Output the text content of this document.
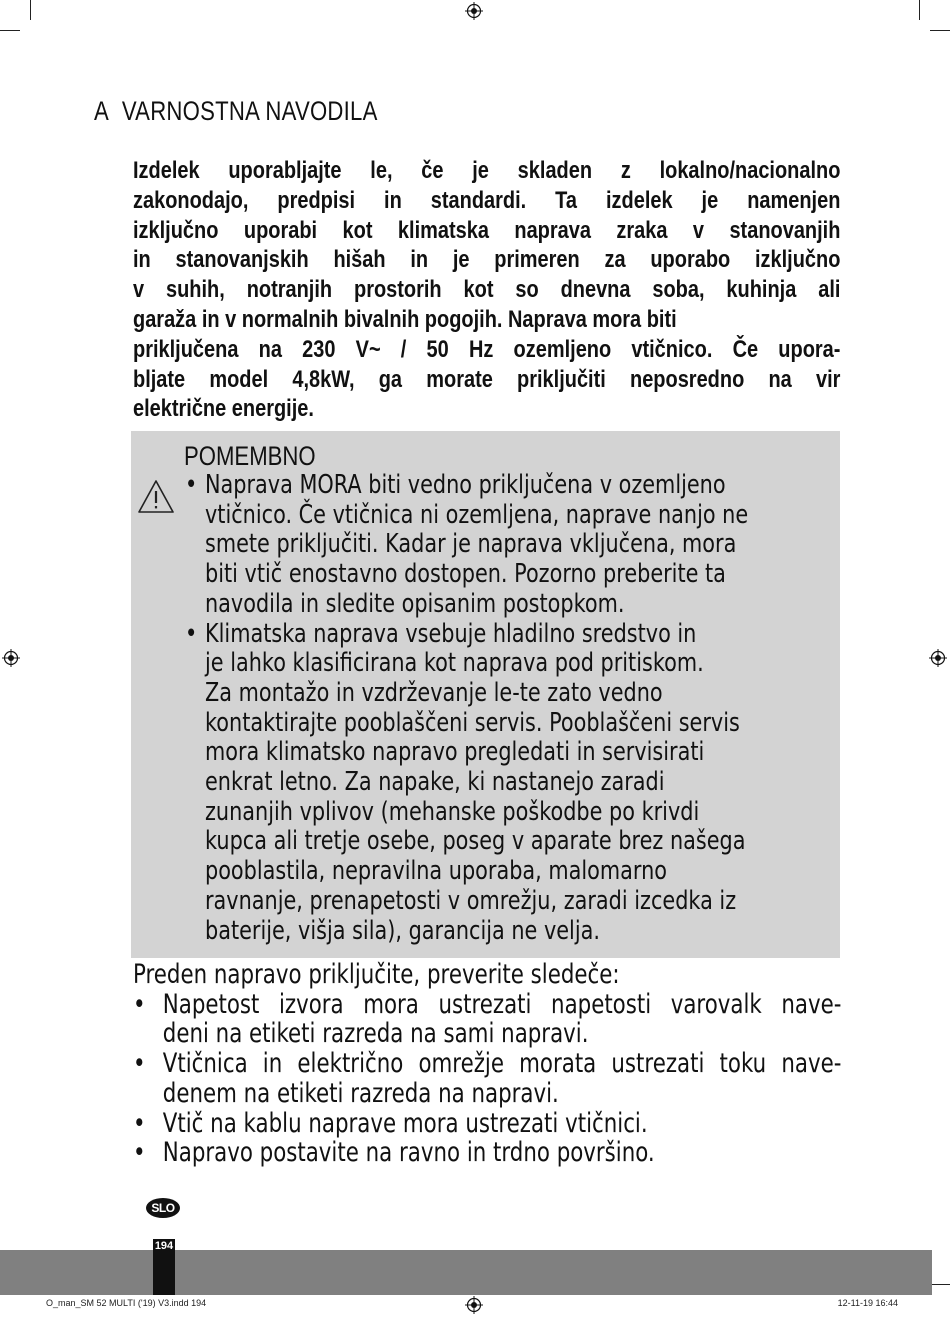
A VARNOSTNA NAVODILA
Izdelek uporabljajte le, če je skladen z lokalno/nacionalno
zakonodajo, predpisi in standardi. Ta izdelek je namenjen
izključno uporabi kot klimatska naprava zraka v stanovanjih
in stanovanjskih hišah in je primeren za uporabo izključno
v suhih, notranjih prostorih kot so dnevna soba, kuhinja ali
garaža in v normalnih bivalnih pogojih. Naprava mora biti
priključena na 230 V~ / 50 Hz ozemljeno vtičnico. Če upora-
bljate model 4,8kW, ga morate priključiti neposredno na vir
električne energije.
POMEMBNO
• Naprava MORA biti vedno priključena v ozemljeno
vtičnico. Če vtičnica ni ozemljena, naprave nanjo ne
smete priključiti. Kadar je naprava vključena, mora
biti vtič enostavno dostopen. Pozorno preberite ta
navodila in sledite opisanim postopkom.
• Klimatska naprava vsebuje hladilno sredstvo in
je lahko klasificirana kot naprava pod pritiskom.
Za montažo in vzdrževanje le-te zato vedno
kontaktirajte pooblaščeni servis. Pooblaščeni servis
mora klimatsko napravo pregledati in servisirati
enkrat letno. Za napake, ki nastanejo zaradi
zunanjih vplivov (mehanske poškodbe po krivdi
kupca ali tretje osebe, poseg v aparate brez našega
pooblastila, nepravilna uporaba, malomarno
ravnanje, prenapetosti v omrežju, zaradi izcedka iz
baterije, višja sila), garancija ne velja.
Preden napravo priključite, preverite sledeče:
• Napetost izvora mora ustrezati napetosti varovalk nave-
deni na etiketi razreda na sami napravi.
• Vtičnica in električno omrežje morata ustrezati toku nave-
denem na etiketi razreda na napravi.
• Vtič na kablu naprave mora ustrezati vtičnici.
• Napravo postavite na ravno in trdno površino.
SLO
194
O_man_SM 52 MULTI ('19) V3.indd 194	12-11-19 16:44
